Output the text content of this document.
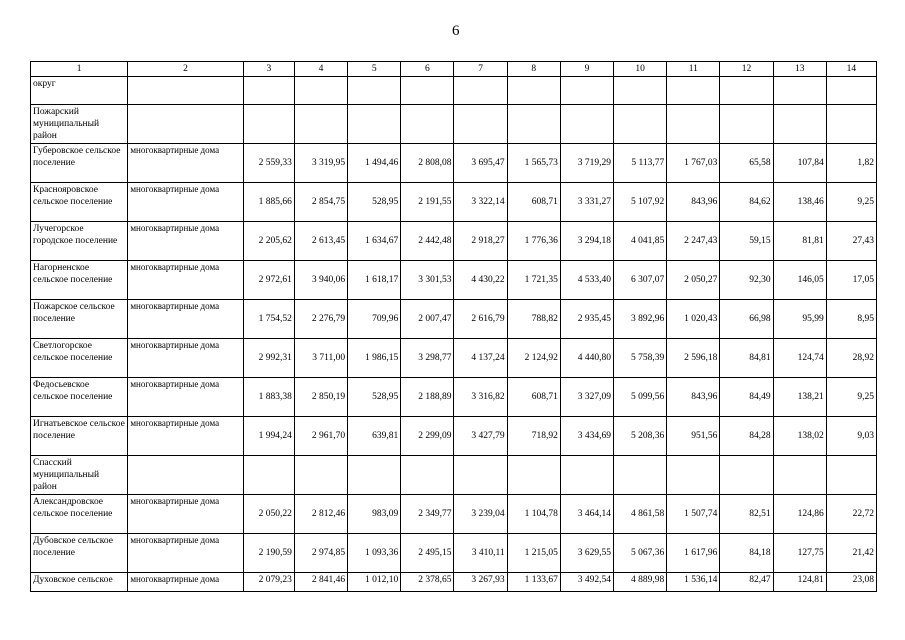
6
1	2	3	4	5	6	7	8	9	10	11	12	13	14
округ													
Пожарский муниципальный район													
Губеровское сельское поселение	многоквартирные дома	2 559,33	3 319,95	1 494,46	2 808,08	3 695,47	1 565,73	3 719,29	5 113,77	1 767,03	65,58	107,84	1,82
Краснояровское сельское поселение	многоквартирные дома	1 885,66	2 854,75	528,95	2 191,55	3 322,14	608,71	3 331,27	5 107,92	843,96	84,62	138,46	9,25
Лучегорское городское поселение	многоквартирные дома	2 205,62	2 613,45	1 634,67	2 442,48	2 918,27	1 776,36	3 294,18	4 041,85	2 247,43	59,15	81,81	27,43
Нагорненское сельское поселение	многоквартирные дома	2 972,61	3 940,06	1 618,17	3 301,53	4 430,22	1 721,35	4 533,40	6 307,07	2 050,27	92,30	146,05	17,05
Пожарское сельское поселение	многоквартирные дома	1 754,52	2 276,79	709,96	2 007,47	2 616,79	788,82	2 935,45	3 892,96	1 020,43	66,98	95,99	8,95
Светлогорское сельское поселение	многоквартирные дома	2 992,31	3 711,00	1 986,15	3 298,77	4 137,24	2 124,92	4 440,80	5 758,39	2 596,18	84,81	124,74	28,92
Федосьевское сельское поселение	многоквартирные дома	1 883,38	2 850,19	528,95	2 188,89	3 316,82	608,71	3 327,09	5 099,56	843,96	84,49	138,21	9,25
Игнатьевское сельское поселение	многоквартирные дома	1 994,24	2 961,70	639,81	2 299,09	3 427,79	718,92	3 434,69	5 208,36	951,56	84,28	138,02	9,03
Спасский муниципальный район													
Александровское сельское поселение	многоквартирные дома	2 050,22	2 812,46	983,09	2 349,77	3 239,04	1 104,78	3 464,14	4 861,58	1 507,74	82,51	124,86	22,72
Дубовское сельское поселение	многоквартирные дома	2 190,59	2 974,85	1 093,36	2 495,15	3 410,11	1 215,05	3 629,55	5 067,36	1 617,96	84,18	127,75	21,42
Духовское сельское	многоквартирные дома	2 079,23	2 841,46	1 012,10	2 378,65	3 267,93	1 133,67	3 492,54	4 889,98	1 536,14	82,47	124,81	23,08
